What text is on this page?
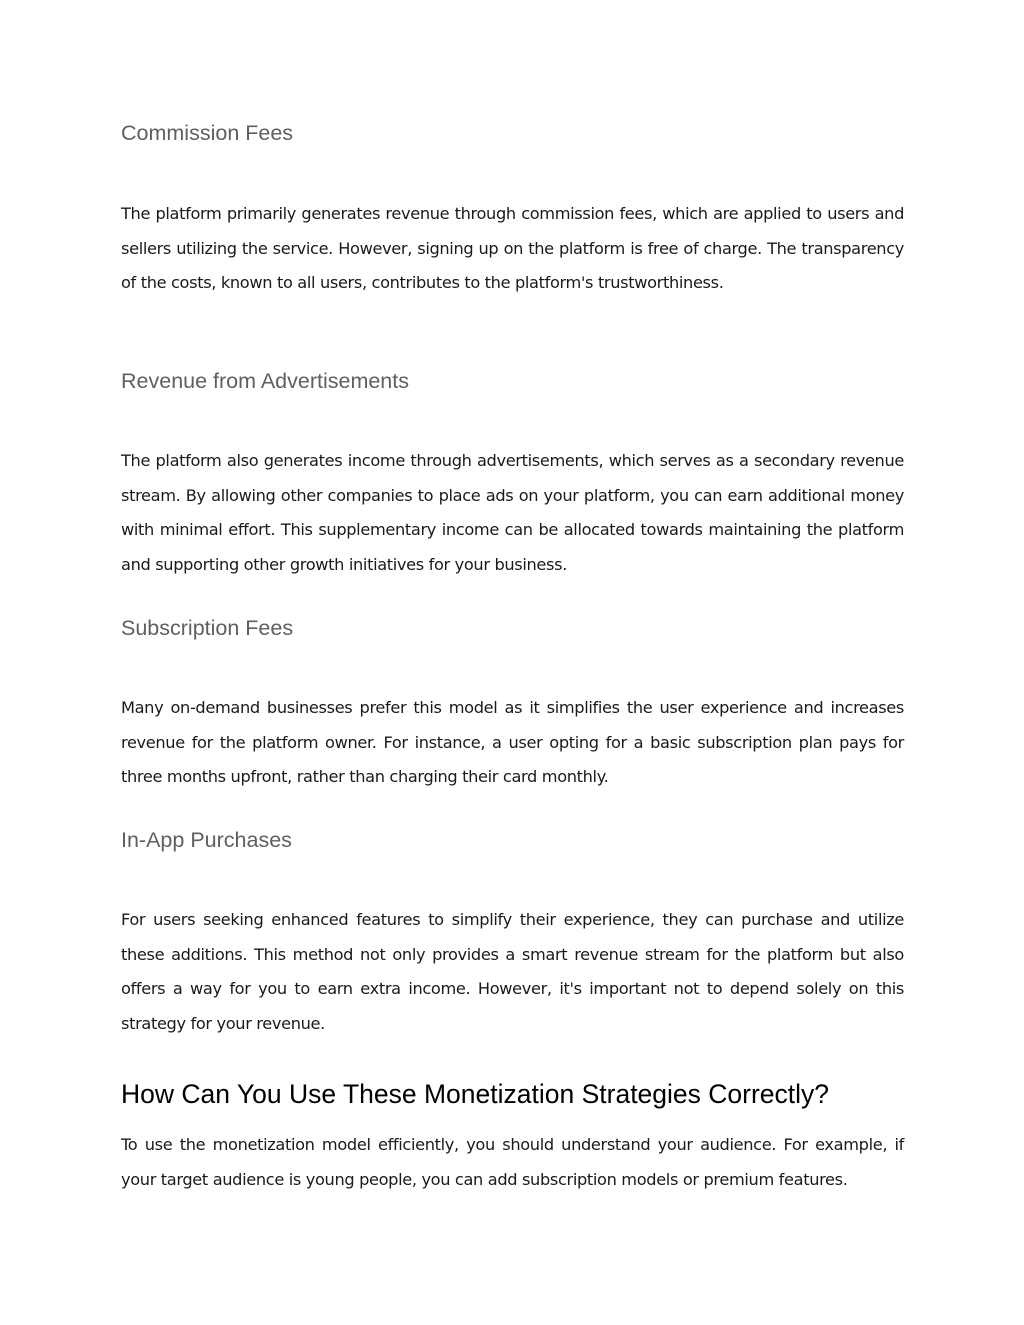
Commission Fees

The platform primarily generates revenue through commission fees, which are applied to users and sellers utilizing the service. However, signing up on the platform is free of charge. The transparency of the costs, known to all users, contributes to the platform's trustworthiness.

Revenue from Advertisements

The platform also generates income through advertisements, which serves as a secondary revenue stream. By allowing other companies to place ads on your platform, you can earn additional money with minimal effort. This supplementary income can be allocated towards maintaining the platform and supporting other growth initiatives for your business.

Subscription Fees

Many on-demand businesses prefer this model as it simplifies the user experience and increases revenue for the platform owner. For instance, a user opting for a basic subscription plan pays for three months upfront, rather than charging their card monthly.

In-App Purchases

For users seeking enhanced features to simplify their experience, they can purchase and utilize these additions. This method not only provides a smart revenue stream for the platform but also offers a way for you to earn extra income. However, it's important not to depend solely on this strategy for your revenue.

How Can You Use These Monetization Strategies Correctly?

To use the monetization model efficiently, you should understand your audience. For example, if your target audience is young people, you can add subscription models or premium features.
